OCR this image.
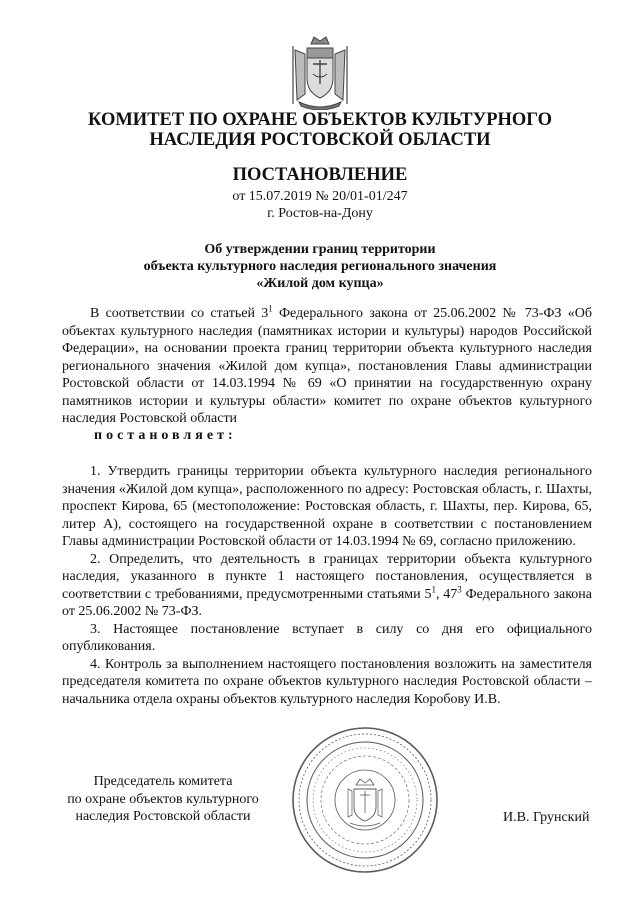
КОМИТЕТ ПО ОХРАНЕ ОБЪЕКТОВ КУЛЬТУРНОГО
НАСЛЕДИЯ РОСТОВСКОЙ ОБЛАСТИ
ПОСТАНОВЛЕНИЕ
от 15.07.2019 № 20/01-01/247
г. Ростов-на-Дону
Об утверждении границ территории
объекта культурного наследия регионального значения
«Жилой дом купца»

В соответствии со статьей $3^1$ Федерального закона от 25.06.2002 № 73-ФЗ «Об объектах культурного наследия (памятниках истории и культуры) народов Российской Федерации», на основании проекта границ территории объекта культурного наследия регионального значения «Жилой дом купца», постановления Главы администрации Ростовской области от 14.03.1994 № 69 «О принятии на государственную охрану памятников истории и культуры области» комитет по охране объектов культурного наследия Ростовской области

постановляет:

1. Утвердить границы территории объекта культурного наследия регионального значения «Жилой дом купца», расположенного по адресу: Ростовская область, г. Шахты, проспект Кирова, 65 (местоположение: Ростовская область, г. Шахты, пер. Кирова, 65, литер А), состоящего на государственной охране в соответствии с постановлением Главы администрации Ростовской области от 14.03.1994 № 69, согласно приложению.

2. Определить, что деятельность в границах территории объекта культурного наследия, указанного в пункте 1 настоящего постановления, осуществляется в соответствии с требованиями, предусмотренными статьями $5^1$, $47^3$ Федерального закона от 25.06.2002 № 73-ФЗ.

3. Настоящее постановление вступает в силу со дня его официального опубликования.

4. Контроль за выполнением настоящего постановления возложить на заместителя председателя комитета по охране объектов культурного наследия Ростовской области – начальника отдела охраны объектов культурного наследия Коробову И.В.

Председатель комитета
по охране объектов культурного
наследия Ростовской области	И.В. Грунский
